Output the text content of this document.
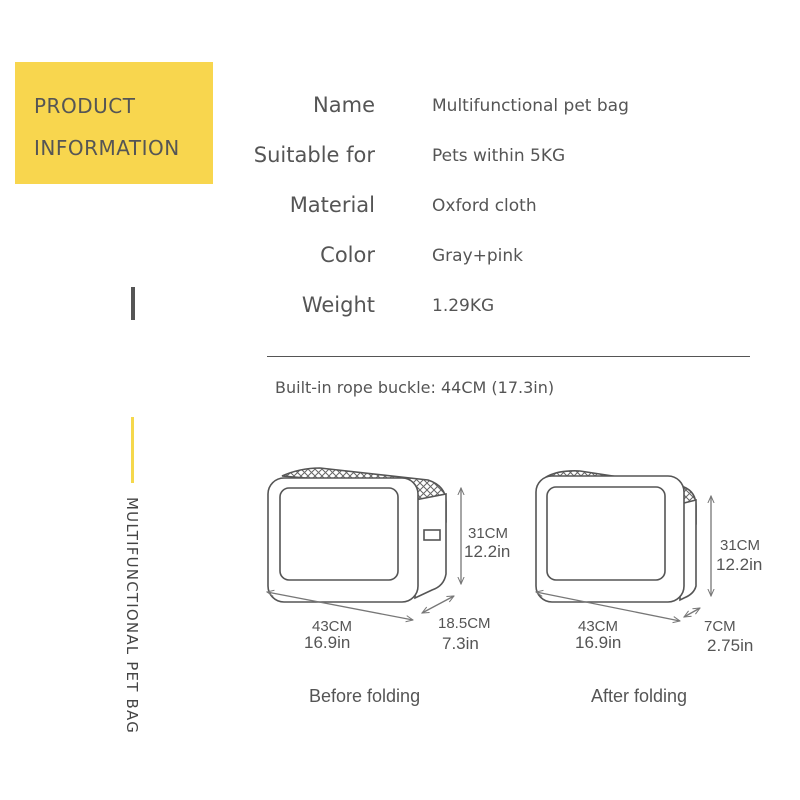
PRODUCT
INFORMATION
Name	Multifunctional pet bag
Suitable for	Pets within 5KG
Material	Oxford cloth
Color	Gray+pink
Weight	1.29KG
MULTIFUNCTIONAL PET BAG
Built-in rope buckle: 44CM (17.3in)
31CM
12.2in
43CM
16.9in
18.5CM
7.3in
Before folding
31CM
12.2in
43CM
16.9in
7CM
2.75in
After folding
